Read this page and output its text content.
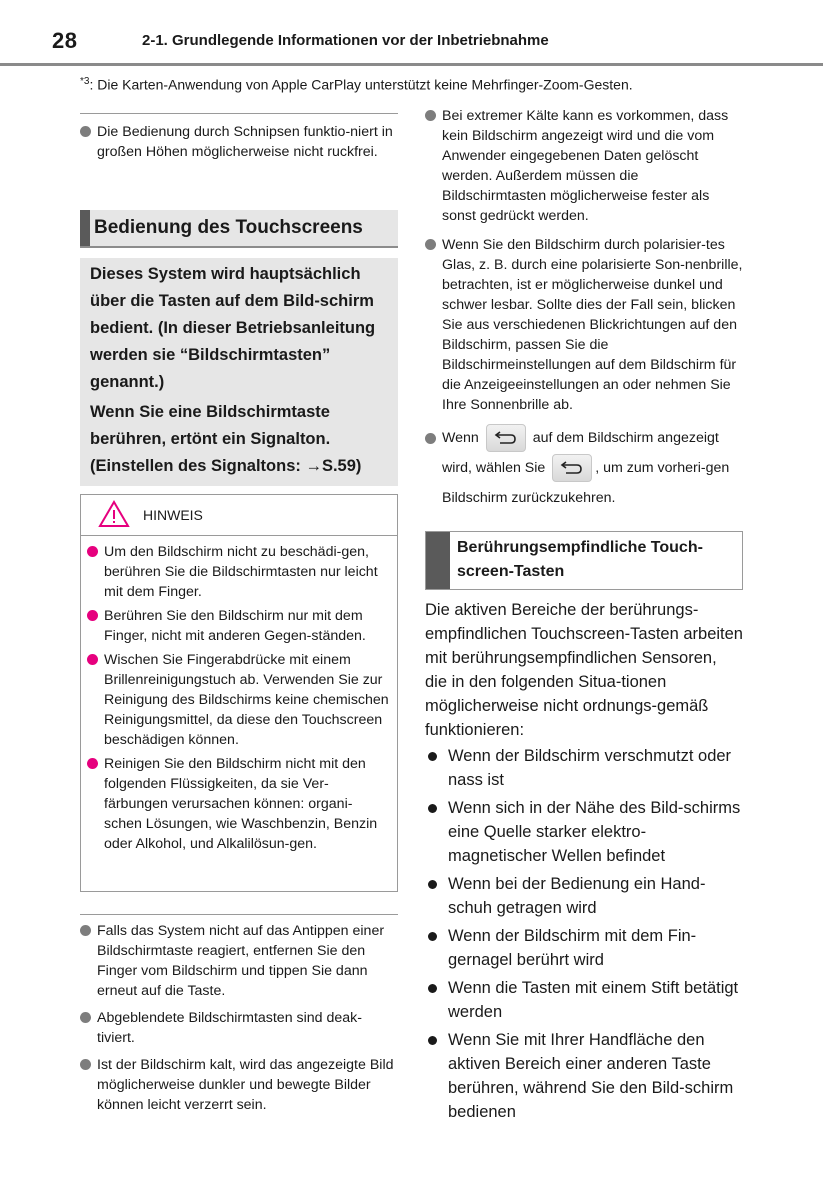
28	2-1. Grundlegende Informationen vor der Inbetriebnahme
$^{*3}$: Die Karten-Anwendung von Apple CarPlay unterstützt keine Mehrfinger-Zoom-Gesten.

Die Bedienung durch Schnipsen funktio-niert in großen Höhen möglicherweise nicht ruckfrei.

Bedienung des Touchscreens

Dieses System wird hauptsächlich über die Tasten auf dem Bild-schirm bedient. (In dieser Betriebsanleitung werden sie “Bildschirmtasten” genannt.)

Wenn Sie eine Bildschirmtaste berühren, ertönt ein Signalton. (Einstellen des Signaltons: →S.59)

HINWEIS

Um den Bildschirm nicht zu beschädi-gen, berühren Sie die Bildschirmtasten nur leicht mit dem Finger.

Berühren Sie den Bildschirm nur mit dem Finger, nicht mit anderen Gegen-ständen.

Wischen Sie Fingerabdrücke mit einem Brillenreinigungstuch ab. Verwenden Sie zur Reinigung des Bildschirms keine chemischen Reinigungsmittel, da diese den Touchscreen beschädigen können.

Reinigen Sie den Bildschirm nicht mit den folgenden Flüssigkeiten, da sie Ver-färbungen verursachen können: organi-schen Lösungen, wie Waschbenzin, Benzin oder Alkohol, und Alkalilösun-gen.

Falls das System nicht auf das Antippen einer Bildschirmtaste reagiert, entfernen Sie den Finger vom Bildschirm und tippen Sie dann erneut auf die Taste.

Abgeblendete Bildschirmtasten sind deak-tiviert.

Ist der Bildschirm kalt, wird das angezeigte Bild möglicherweise dunkler und bewegte Bilder können leicht verzerrt sein.

Bei extremer Kälte kann es vorkommen, dass kein Bildschirm angezeigt wird und die vom Anwender eingegebenen Daten gelöscht werden. Außerdem müssen die Bildschirmtasten möglicherweise fester als sonst gedrückt werden.

Wenn Sie den Bildschirm durch polarisier-tes Glas, z. B. durch eine polarisierte Son-nenbrille, betrachten, ist er möglicherweise dunkel und schwer lesbar. Sollte dies der Fall sein, blicken Sie aus verschiedenen Blickrichtungen auf den Bildschirm, passen Sie die Bildschirmeinstellungen auf dem Bildschirm für die Anzeigeeinstellungen an oder nehmen Sie Ihre Sonnenbrille ab.

Wenn	auf dem Bildschirm angezeigt wird, wählen Sie	, um zum vorheri-gen Bildschirm zurückzukehren.

Berührungsempfindliche Touch-screen-Tasten
Die aktiven Bereiche der berührungs-empfindlichen Touchscreen-Tasten arbeiten mit berührungsempfindlichen Sensoren, die in den folgenden Situa-tionen möglicherweise nicht ordnungs-gemäß funktionieren:

Wenn der Bildschirm verschmutzt oder nass ist

Wenn sich in der Nähe des Bild-schirms eine Quelle starker elektro-magnetischer Wellen befindet

Wenn bei der Bedienung ein Hand-schuh getragen wird

Wenn der Bildschirm mit dem Fin-gernagel berührt wird

Wenn die Tasten mit einem Stift betätigt werden

Wenn Sie mit Ihrer Handfläche den aktiven Bereich einer anderen Taste berühren, während Sie den Bild-schirm bedienen
